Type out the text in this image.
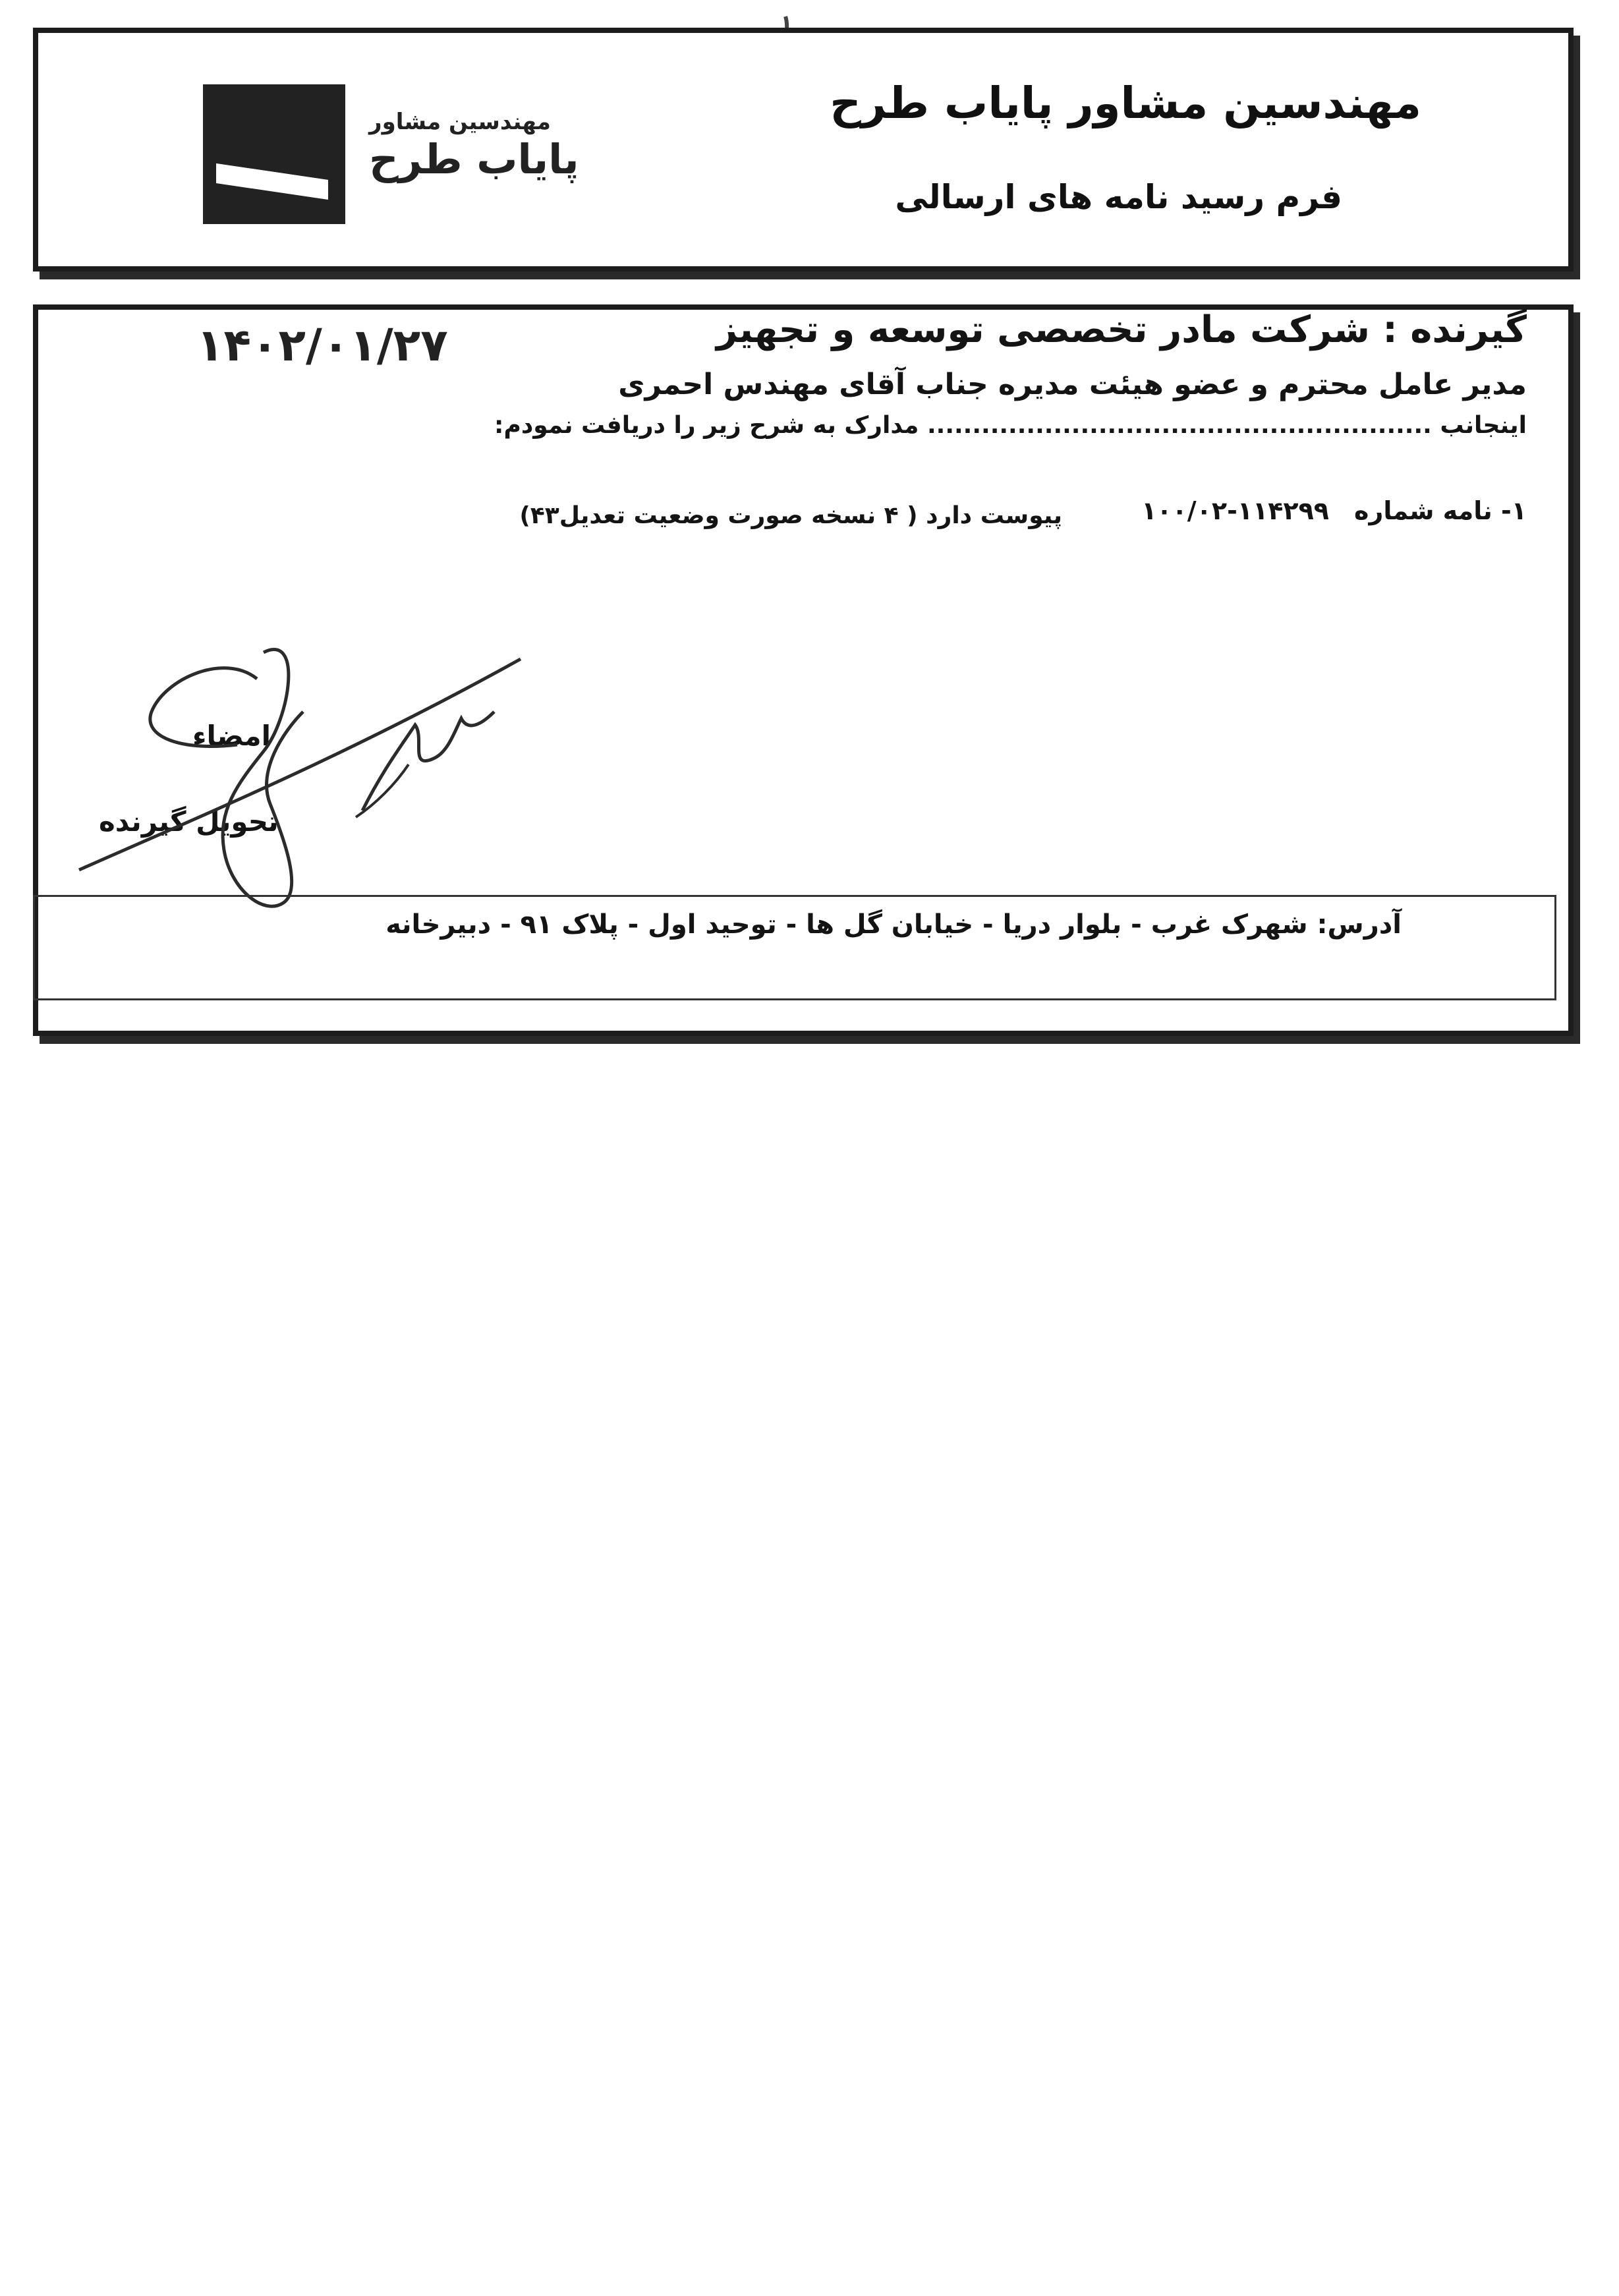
مهندسین مشاور
پایاب طرح
مهندسین مشاور پایاب طرح
فرم رسید نامه های ارسالی
۱۴۰۲/۰۱/۲۷	گیرنده : شرکت مادر تخصصی توسعه و تجهیز
مدیر عامل محترم و عضو هیئت مدیره جناب آقای مهندس احمری
اینجانب ........................................................ مدارک به شرح زیر را دریافت نمودم:
۱- نامه شماره
۱۰۰/۰۲-۱۱۴۲۹۹
پیوست دارد ( ۴ نسخه صورت وضعیت تعدیل۴۳)
امضاء
تحویل گیرنده
آدرس: شهرک غرب - بلوار دریا - خیابان گل ها - توحید اول - پلاک ۹۱ - دبیرخانه
